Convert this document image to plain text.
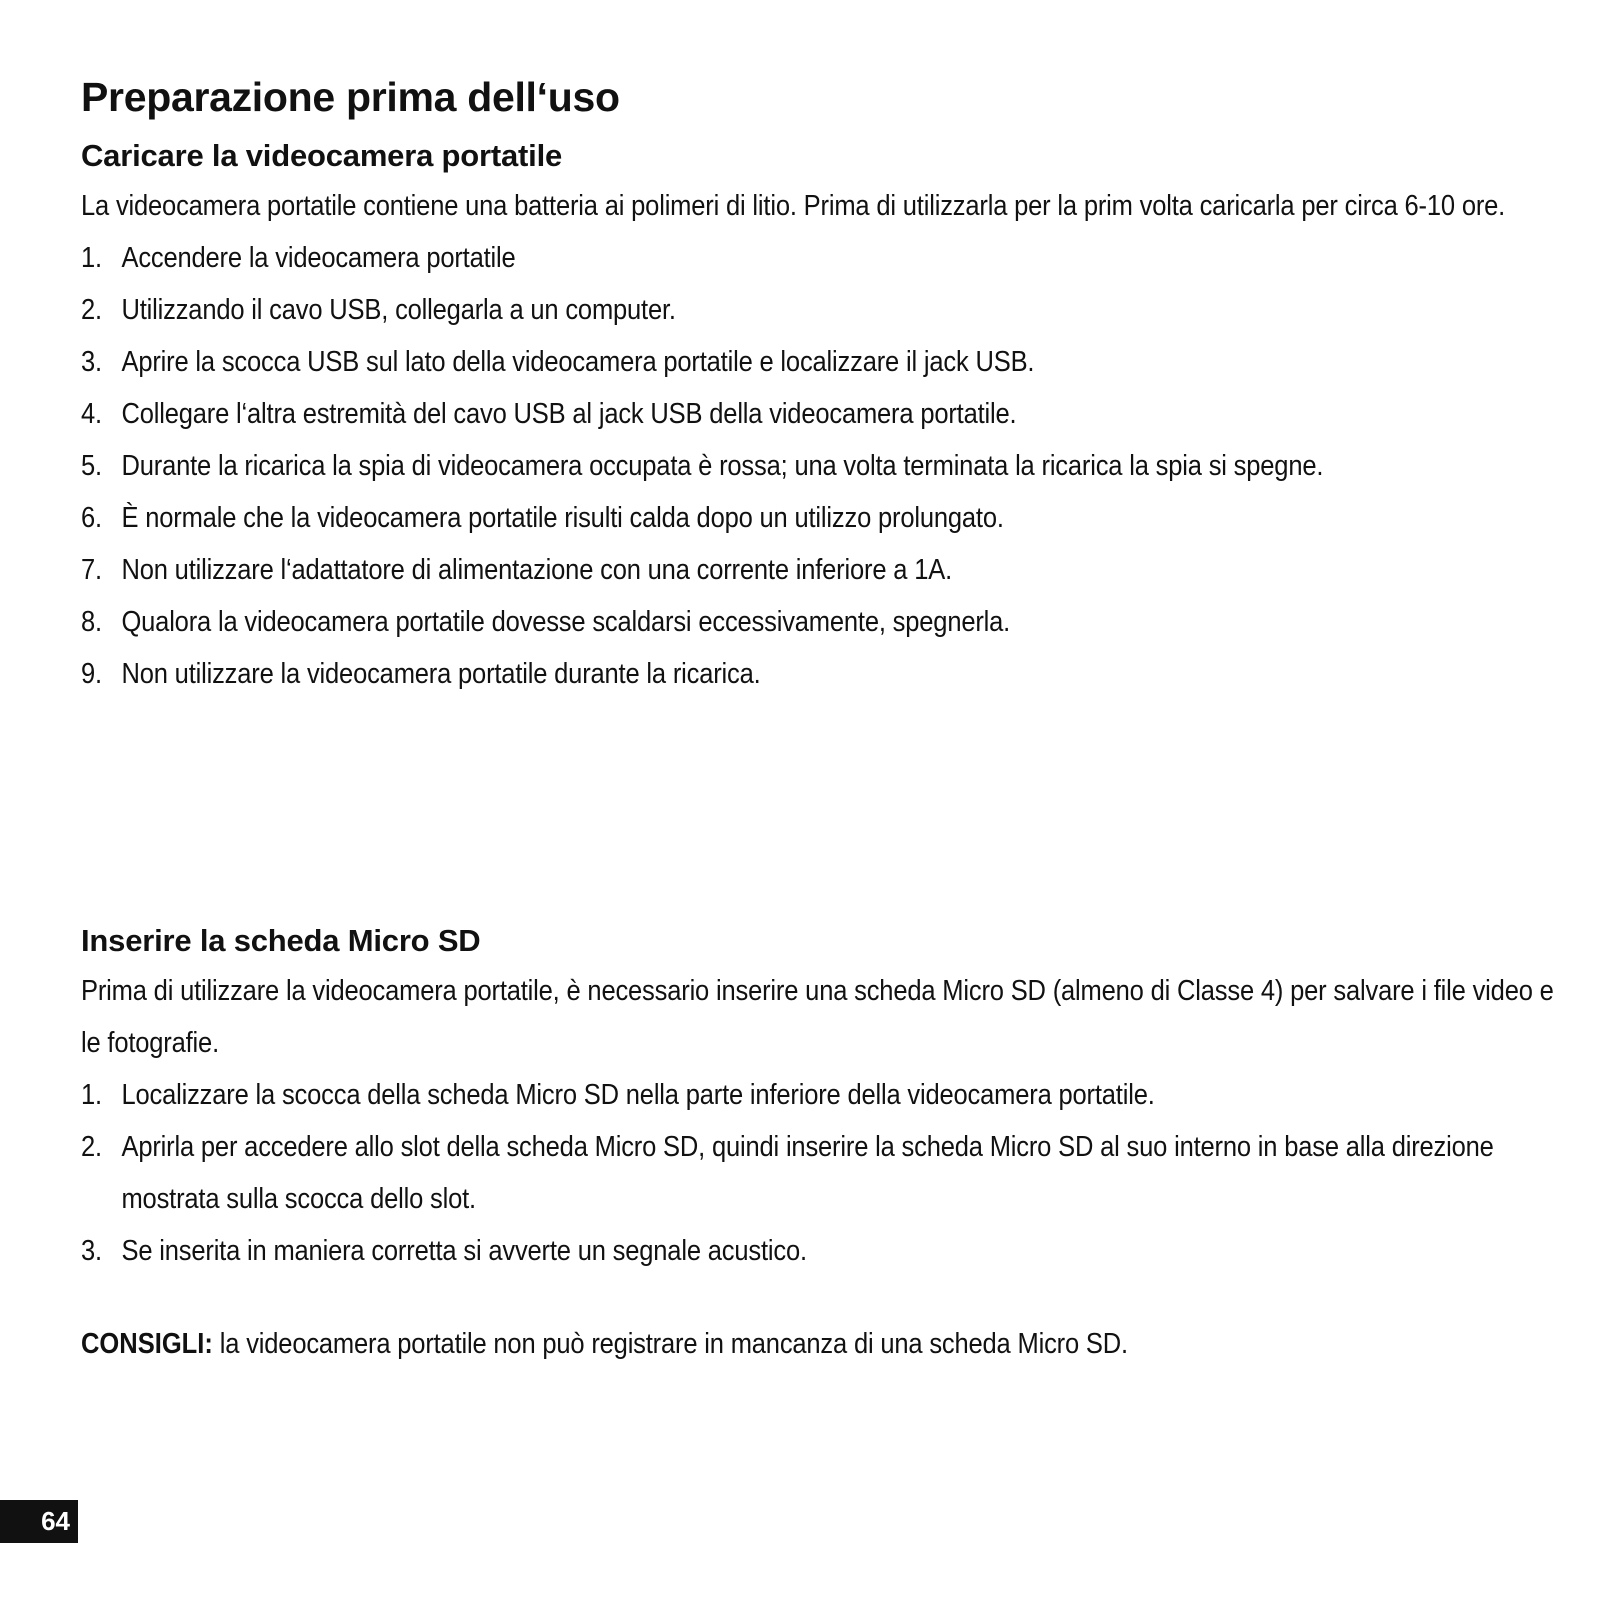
Preparazione prima dell‘uso
Caricare la videocamera portatile

La videocamera portatile contiene una batteria ai polimeri di litio. Prima di utilizzarla per la prim volta caricarla per circa 6-10 ore.

1. Accendere la videocamera portatile
2. Utilizzando il cavo USB, collegarla a un computer.
3. Aprire la scocca USB sul lato della videocamera portatile e localizzare il jack USB.
4. Collegare l‘altra estremità del cavo USB al jack USB della videocamera portatile.
5. Durante la ricarica la spia di videocamera occupata è rossa; una volta terminata la ricarica la spia si spegne.
6. È normale che la videocamera portatile risulti calda dopo un utilizzo prolungato.
7. Non utilizzare l‘adattatore di alimentazione con una corrente inferiore a 1A.
8. Qualora la videocamera portatile dovesse scaldarsi eccessivamente, spegnerla.
9. Non utilizzare la videocamera portatile durante la ricarica.
Inserire la scheda Micro SD

Prima di utilizzare la videocamera portatile, è necessario inserire una scheda Micro SD (almeno di Classe 4) per salvare i file video e le fotografie.

1. Localizzare la scocca della scheda Micro SD nella parte inferiore della videocamera portatile.
2. Aprirla per accedere allo slot della scheda Micro SD, quindi inserire la scheda Micro SD al suo interno in base alla direzione mostrata sulla scocca dello slot.
3. Se inserita in maniera corretta si avverte un segnale acustico.

CONSIGLI: la videocamera portatile non può registrare in mancanza di una scheda Micro SD.

64
